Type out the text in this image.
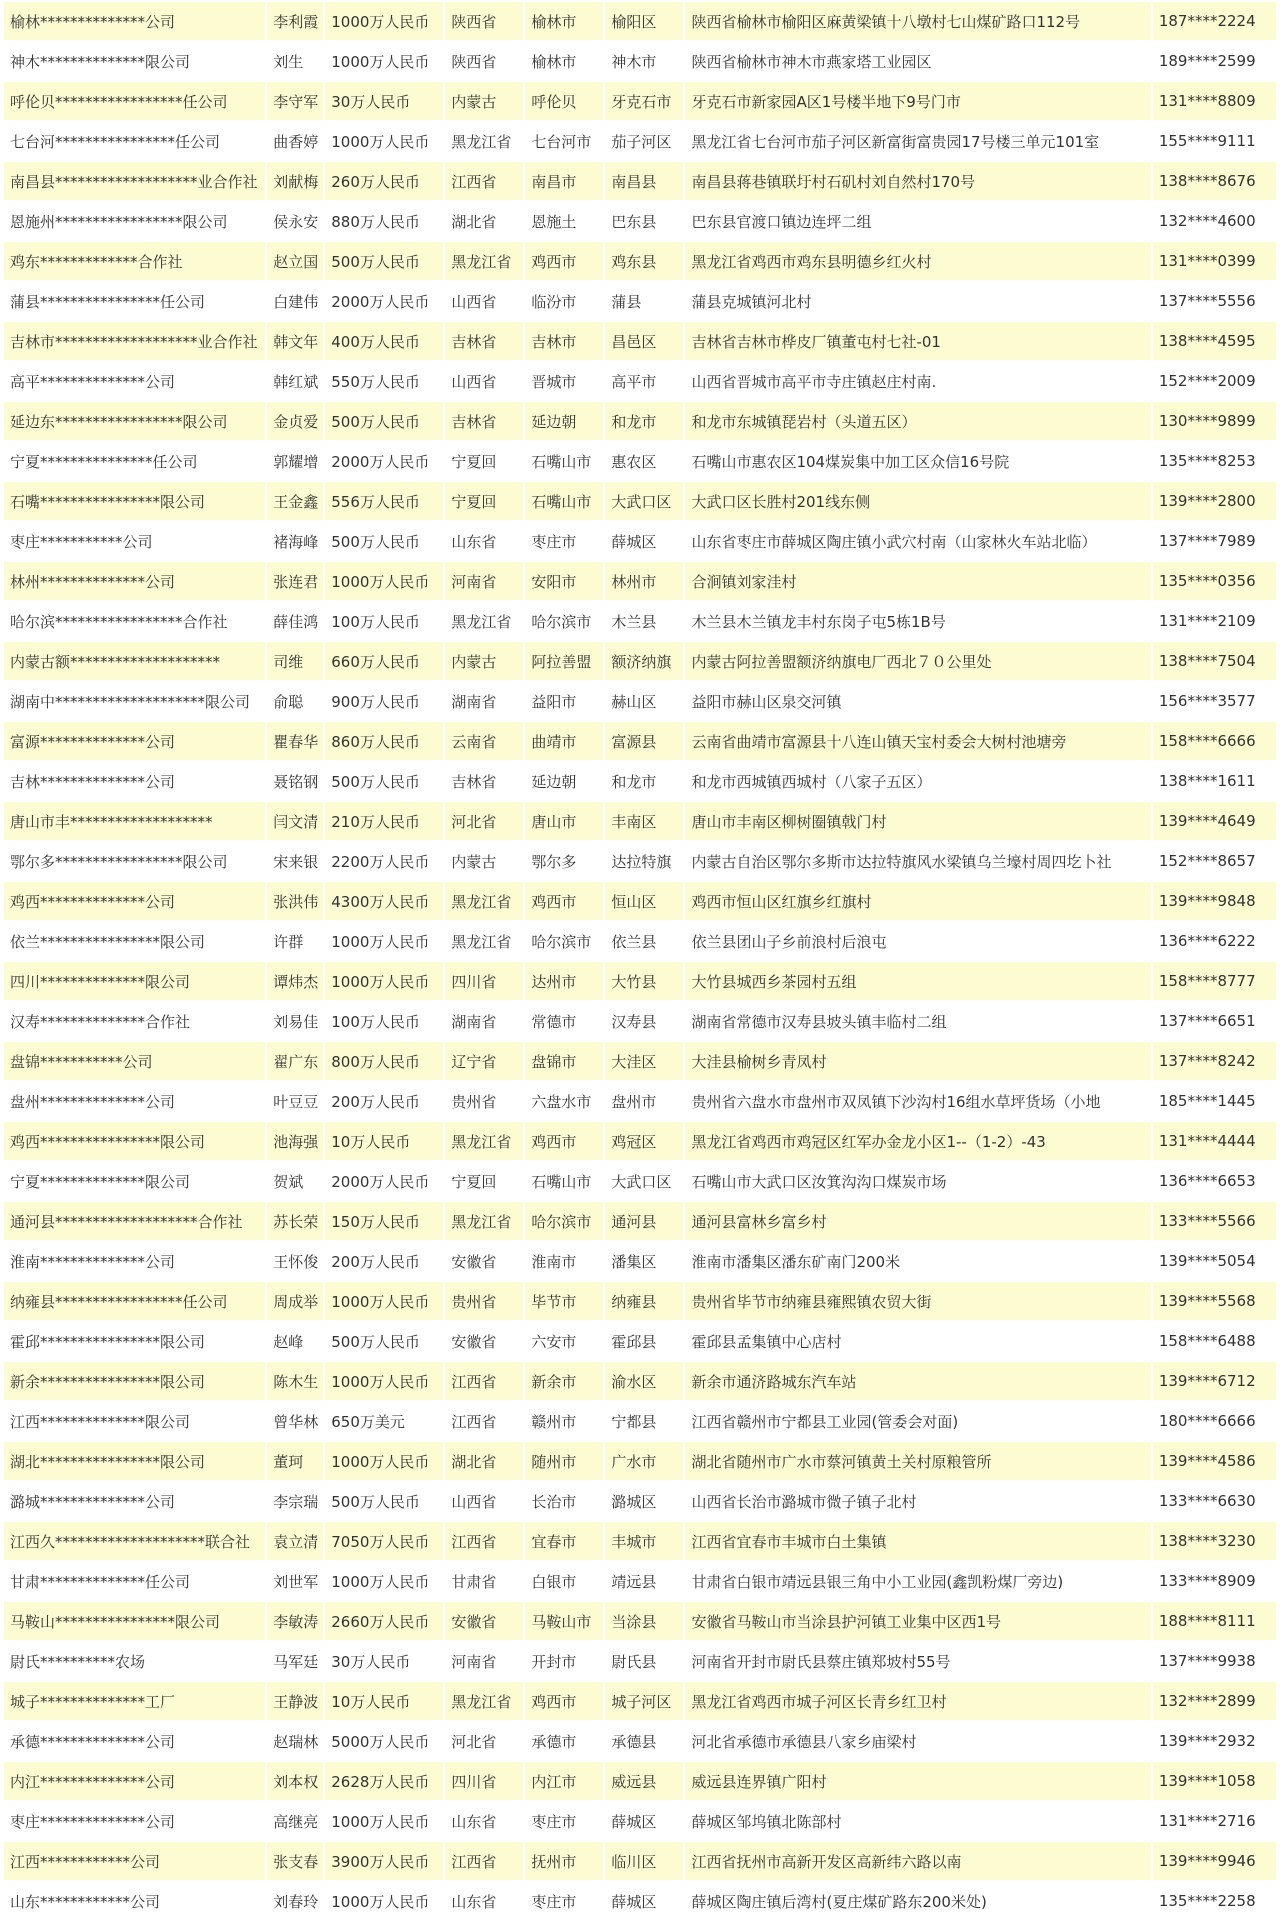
榆林**************公司	李利霞	1000万人民币	陕西省	榆林市	榆阳区	陕西省榆林市榆阳区麻黄梁镇十八墩村七山煤矿路口112号	187****2224
神木**************限公司	刘生	1000万人民币	陕西省	榆林市	神木市	陕西省榆林市神木市燕家塔工业园区	189****2599
呼伦贝*****************任公司	李守军	30万人民币	内蒙古	呼伦贝	牙克石市	牙克石市新家园A区1号楼半地下9号门市	131****8809
七台河****************任公司	曲香婷	1000万人民币	黑龙江省	七台河市	茄子河区	黑龙江省七台河市茄子河区新富街富贵园17号楼三单元101室	155****9111
南昌县*******************业合作社	刘献梅	260万人民币	江西省	南昌市	南昌县	南昌县蒋巷镇联圩村石矶村刘自然村170号	138****8676
恩施州*****************限公司	侯永安	880万人民币	湖北省	恩施土	巴东县	巴东县官渡口镇边连坪二组	132****4600
鸡东*************合作社	赵立国	500万人民币	黑龙江省	鸡西市	鸡东县	黑龙江省鸡西市鸡东县明德乡红火村	131****0399
蒲县****************任公司	白建伟	2000万人民币	山西省	临汾市	蒲县	蒲县克城镇河北村	137****5556
吉林市*******************业合作社	韩文年	400万人民币	吉林省	吉林市	昌邑区	吉林省吉林市桦皮厂镇董屯村七社-01	138****4595
高平**************公司	韩红斌	550万人民币	山西省	晋城市	高平市	山西省晋城市高平市寺庄镇赵庄村南.	152****2009
延边东*****************限公司	金贞爱	500万人民币	吉林省	延边朝	和龙市	和龙市东城镇琵岩村（头道五区）	130****9899
宁夏***************任公司	郭耀增	2000万人民币	宁夏回	石嘴山市	惠农区	石嘴山市惠农区104煤炭集中加工区众信16号院	135****8253
石嘴****************限公司	王金鑫	556万人民币	宁夏回	石嘴山市	大武口区	大武口区长胜村201线东侧	139****2800
枣庄***********公司	褚海峰	500万人民币	山东省	枣庄市	薛城区	山东省枣庄市薛城区陶庄镇小武穴村南（山家林火车站北临）	137****7989
林州**************公司	张连君	1000万人民币	河南省	安阳市	林州市	合涧镇刘家洼村	135****0356
哈尔滨*****************合作社	薛佳鸿	100万人民币	黑龙江省	哈尔滨市	木兰县	木兰县木兰镇龙丰村东岗子屯5栋1B号	131****2109
内蒙古额********************	司维	660万人民币	内蒙古	阿拉善盟	额济纳旗	内蒙古阿拉善盟额济纳旗电厂西北７０公里处	138****7504
湖南中********************限公司	俞聪	900万人民币	湖南省	益阳市	赫山区	益阳市赫山区泉交河镇	156****3577
富源**************公司	瞿春华	860万人民币	云南省	曲靖市	富源县	云南省曲靖市富源县十八连山镇天宝村委会大树村池塘旁	158****6666
吉林**************公司	聂铭钢	500万人民币	吉林省	延边朝	和龙市	和龙市西城镇西城村（八家子五区）	138****1611
唐山市丰*******************	闫文清	210万人民币	河北省	唐山市	丰南区	唐山市丰南区柳树圈镇戟门村	139****4649
鄂尔多*****************限公司	宋来银	2200万人民币	内蒙古	鄂尔多	达拉特旗	内蒙古自治区鄂尔多斯市达拉特旗风水梁镇乌兰壕村周四圪卜社	152****8657
鸡西**************公司	张洪伟	4300万人民币	黑龙江省	鸡西市	恒山区	鸡西市恒山区红旗乡红旗村	139****9848
依兰****************限公司	许群	1000万人民币	黑龙江省	哈尔滨市	依兰县	依兰县团山子乡前浪村后浪屯	136****6222
四川**************限公司	谭炜杰	1000万人民币	四川省	达州市	大竹县	大竹县城西乡茶园村五组	158****8777
汉寿**************合作社	刘易佳	100万人民币	湖南省	常德市	汉寿县	湖南省常德市汉寿县坡头镇丰临村二组	137****6651
盘锦***********公司	翟广东	800万人民币	辽宁省	盘锦市	大洼区	大洼县榆树乡青凤村	137****8242
盘州**************公司	叶豆豆	200万人民币	贵州省	六盘水市	盘州市	贵州省六盘水市盘州市双凤镇下沙沟村16组水草坪货场（小地	185****1445
鸡西****************限公司	池海强	10万人民币	黑龙江省	鸡西市	鸡冠区	黑龙江省鸡西市鸡冠区红军办金龙小区1--（1-2）-43	131****4444
宁夏**************限公司	贺斌	2000万人民币	宁夏回	石嘴山市	大武口区	石嘴山市大武口区汝箕沟沟口煤炭市场	136****6653
通河县*******************合作社	苏长荣	150万人民币	黑龙江省	哈尔滨市	通河县	通河县富林乡富乡村	133****5566
淮南**************公司	王怀俊	200万人民币	安徽省	淮南市	潘集区	淮南市潘集区潘东矿南门200米	139****5054
纳雍县*****************任公司	周成举	1000万人民币	贵州省	毕节市	纳雍县	贵州省毕节市纳雍县雍熙镇农贸大街	139****5568
霍邱****************限公司	赵峰	500万人民币	安徽省	六安市	霍邱县	霍邱县孟集镇中心店村	158****6488
新余****************限公司	陈木生	1000万人民币	江西省	新余市	渝水区	新余市通济路城东汽车站	139****6712
江西**************限公司	曾华林	650万美元	江西省	赣州市	宁都县	江西省赣州市宁都县工业园(管委会对面)	180****6666
湖北****************限公司	董珂	1000万人民币	湖北省	随州市	广水市	湖北省随州市广水市蔡河镇黄土关村原粮管所	139****4586
潞城**************公司	李宗瑞	500万人民币	山西省	长治市	潞城区	山西省长治市潞城市微子镇子北村	133****6630
江西久********************联合社	袁立清	7050万人民币	江西省	宜春市	丰城市	江西省宜春市丰城市白土集镇	138****3230
甘肃**************任公司	刘世军	1000万人民币	甘肃省	白银市	靖远县	甘肃省白银市靖远县银三角中小工业园(鑫凯粉煤厂旁边)	133****8909
马鞍山****************限公司	李敏涛	2660万人民币	安徽省	马鞍山市	当涂县	安徽省马鞍山市当涂县护河镇工业集中区西1号	188****8111
尉氏**********农场	马军廷	30万人民币	河南省	开封市	尉氏县	河南省开封市尉氏县蔡庄镇郑坡村55号	137****9938
城子**************工厂	王静波	10万人民币	黑龙江省	鸡西市	城子河区	黑龙江省鸡西市城子河区长青乡红卫村	132****2899
承德**************公司	赵瑞林	5000万人民币	河北省	承德市	承德县	河北省承德市承德县八家乡庙梁村	139****2932
内江**************公司	刘本权	2628万人民币	四川省	内江市	威远县	威远县连界镇广阳村	139****1058
枣庄**************公司	高继亮	1000万人民币	山东省	枣庄市	薛城区	薛城区邹坞镇北陈部村	131****2716
江西************公司	张支春	3900万人民币	江西省	抚州市	临川区	江西省抚州市高新开发区高新纬六路以南	139****9946
山东************公司	刘春玲	1000万人民币	山东省	枣庄市	薛城区	薛城区陶庄镇后湾村(夏庄煤矿路东200米处)	135****2258
